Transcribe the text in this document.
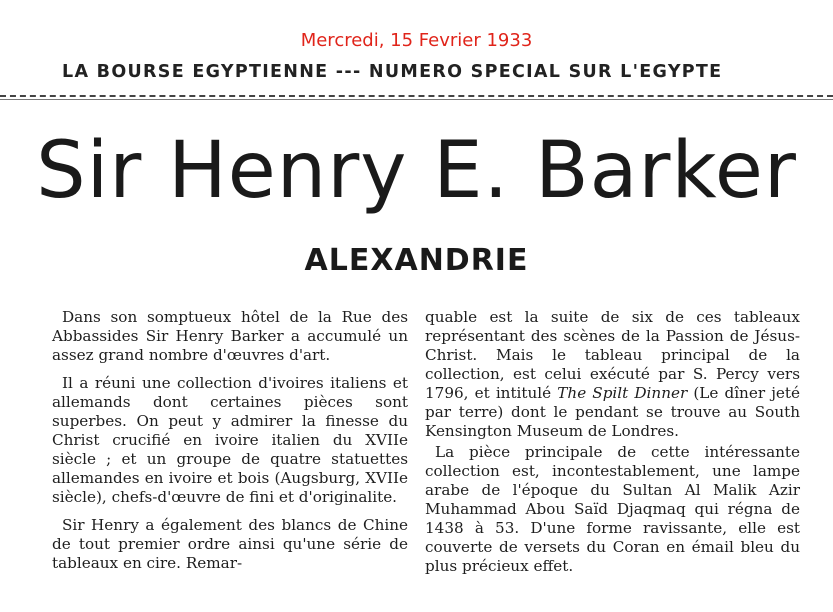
Mercredi, 15 Fevrier 1933
LA BOURSE EGYPTIENNE --- NUMERO SPECIAL SUR L'EGYPTE
Sir Henry E. Barker
ALEXANDRIE

Dans son somptueux hôtel de la Rue des Abbassides Sir Henry Barker a accumulé un assez grand nombre d'œuvres d'art.

Il a réuni une collection d'ivoires italiens et allemands dont certaines pièces sont superbes. On peut y admirer la finesse du Christ crucifié en ivoire italien du XVIIe siècle ; et un groupe de quatre statuettes allemandes en ivoire et bois (Augsburg, XVIIe siècle), chefs-d'œuvre de fini et d'originalite.

Sir Henry a également des blancs de Chine de tout premier ordre ainsi qu'une série de tableaux en cire. Remar-

quable est la suite de six de ces tableaux représentant des scènes de la Passion de Jésus-Christ. Mais le tableau principal de la collection, est celui exécuté par S. Percy vers 1796, et intitulé The Spilt Dinner (Le dîner jeté par terre) dont le pendant se trouve au South Kensington Museum de Londres.

La pièce principale de cette intéressante collection est, incontestablement, une lampe arabe de l'époque du Sultan Al Malik Azir Muhammad Abou Saïd Djaqmaq qui régna de 1438 à 53. D'une forme ravissante, elle est couverte de versets du Coran en émail bleu du plus précieux effet.
